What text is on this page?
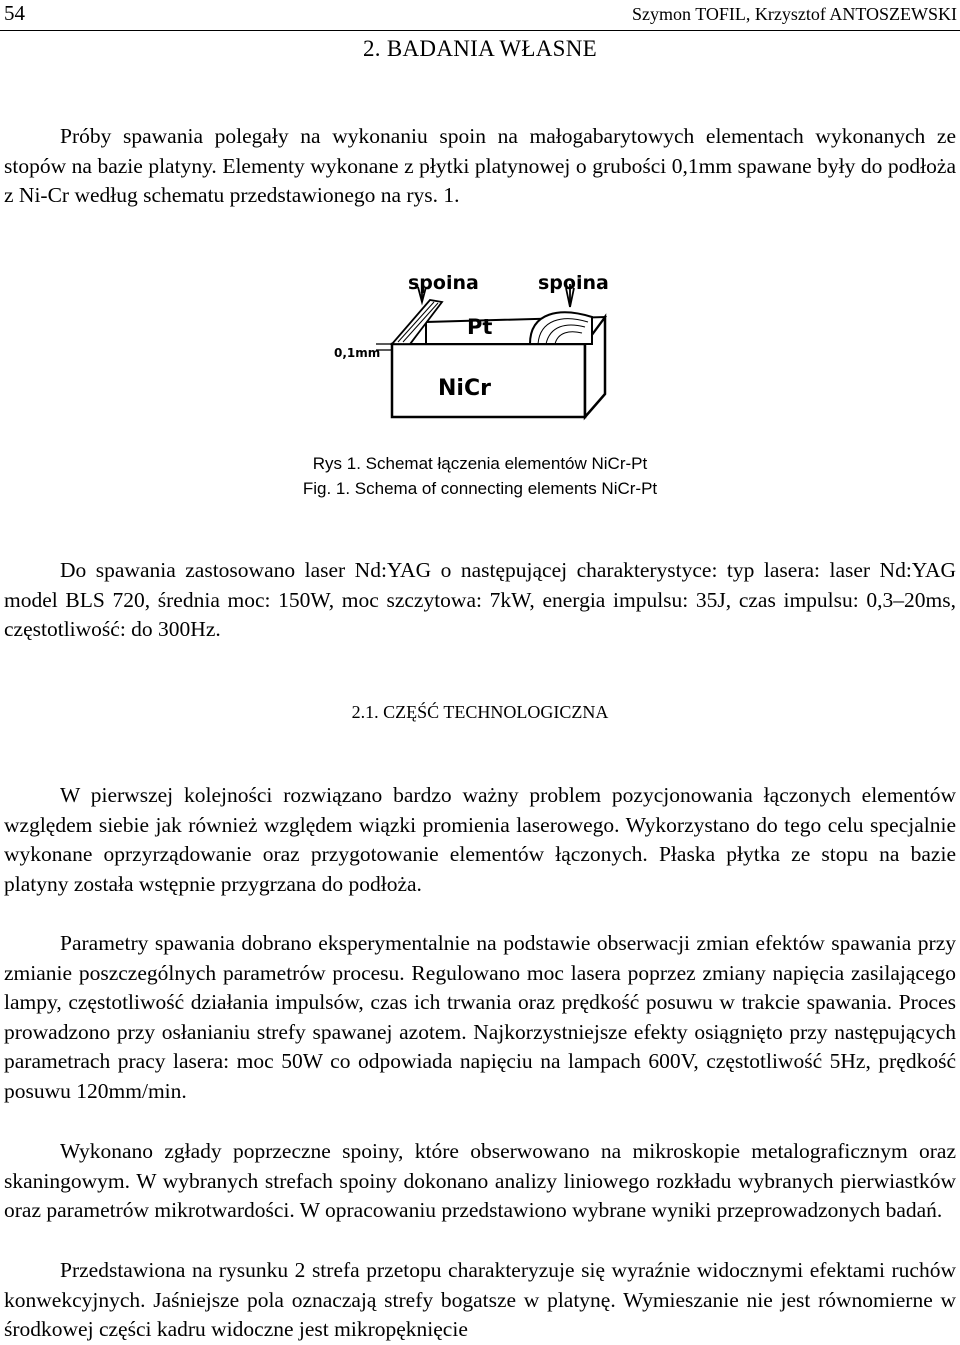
54	Szymon TOFIL, Krzysztof ANTOSZEWSKI
2. BADANIA WŁASNE

Próby spawania polegały na wykonaniu spoin na małogabarytowych elementach wykonanych ze stopów na bazie platyny. Elementy wykonane z płytki platynowej o grubości 0,1mm spawane były do podłoża z Ni-Cr według schematu przedstawionego na rys. 1.

spoina	spoina
Pt
NiCr
0,1mm
Rys 1. Schemat łączenia elementów NiCr-Pt
Fig. 1. Schema of connecting elements NiCr-Pt

Do spawania zastosowano laser Nd:YAG o następującej charakterystyce: typ lasera: laser Nd:YAG model BLS 720, średnia moc: 150W, moc szczytowa: 7kW, energia impulsu: 35J, czas impulsu: 0,3–20ms, częstotliwość: do 300Hz.

2.1. CZĘŚĆ TECHNOLOGICZNA

W pierwszej kolejności rozwiązano bardzo ważny problem pozycjonowania łączonych elementów względem siebie jak również względem wiązki promienia laserowego. Wykorzystano do tego celu specjalnie wykonane oprzyrządowanie oraz przygotowanie elementów łączonych. Płaska płytka ze stopu na bazie platyny została wstępnie przygrzana do podłoża.

Parametry spawania dobrano eksperymentalnie na podstawie obserwacji zmian efektów spawania przy zmianie poszczególnych parametrów procesu. Regulowano moc lasera poprzez zmiany napięcia zasilającego lampy, częstotliwość działania impulsów, czas ich trwania oraz prędkość posuwu w trakcie spawania. Proces prowadzono przy osłanianiu strefy spawanej azotem. Najkorzystniejsze efekty osiągnięto przy następujących parametrach pracy lasera: moc 50W co odpowiada napięciu na lampach 600V, częstotliwość 5Hz, prędkość posuwu 120mm/min.

Wykonano zgłady poprzeczne spoiny, które obserwowano na mikroskopie metalograficznym oraz skaningowym. W wybranych strefach spoiny dokonano analizy liniowego rozkładu wybranych pierwiastków oraz parametrów mikrotwardości. W opracowaniu przedstawiono wybrane wyniki przeprowadzonych badań.

Przedstawiona na rysunku 2 strefa przetopu charakteryzuje się wyraźnie widocznymi efektami ruchów konwekcyjnych. Jaśniejsze pola oznaczają strefy bogatsze w platynę. Wymieszanie nie jest równomierne w środkowej części kadru widoczne jest mikropęknięcie
